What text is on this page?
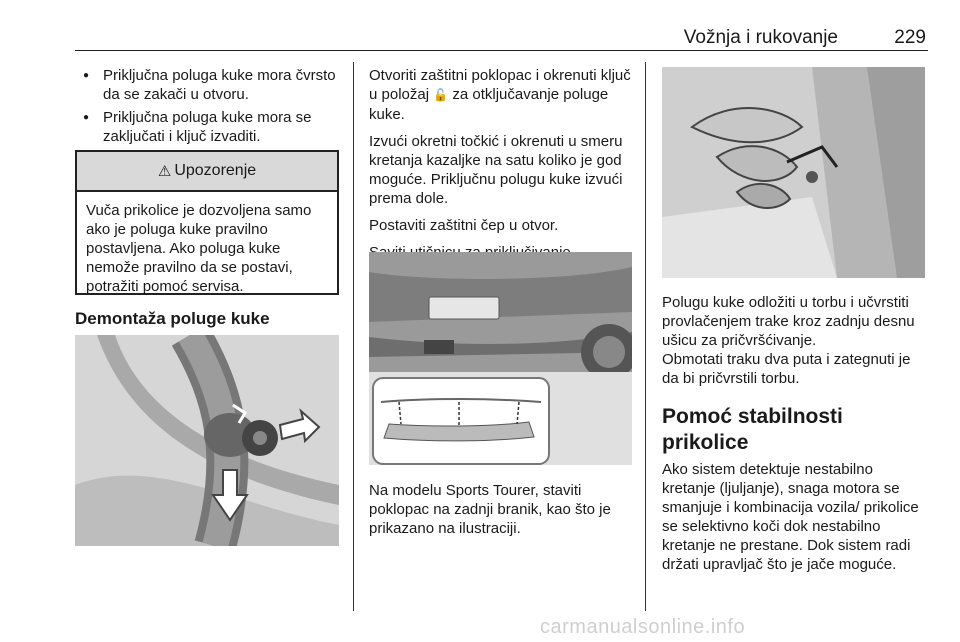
Vožnja i rukovanje	229
● Priključna poluga kuke mora čvrsto da se zakači u otvoru.
● Priključna poluga kuke mora se zaključati i ključ izvaditi.
⚠ Upozorenje
Vuča prikolice je dozvoljena samo ako je poluga kuke pravilno postavljena. Ako poluga kuke nemože pravilno da se postavi, potražiti pomoć servisa.
Demontaža poluge kuke

Otvoriti zaštitni poklopac i okrenuti ključ u položaj 🔓 za otključavanje poluge kuke.

Izvući okretni točkić i okrenuti u smeru kretanja kazaljke na satu koliko je god moguće. Priključnu polugu kuke izvući prema dole.

Postaviti zaštitni čep u otvor.

Na modelu Sports Tourer, staviti poklopac na zadnji branik, kao što je prikazano na ilustraciji.

Polugu kuke odložiti u torbu i učvrstiti provlačenjem trake kroz zadnju desnu ušicu za pričvršćivanje.

Obmotati traku dva puta i zategnuti je da bi pričvrstili torbu.

Pomoć stabilnosti prikolice

Ako sistem detektuje nestabilno kretanje (ljuljanje), snaga motora se smanjuje i kombinacija vozila/ prikolice se selektivno koči dok nestabilno kretanje ne prestane. Dok sistem radi držati upravljač što je jače moguće.

carmanualsonline.info
